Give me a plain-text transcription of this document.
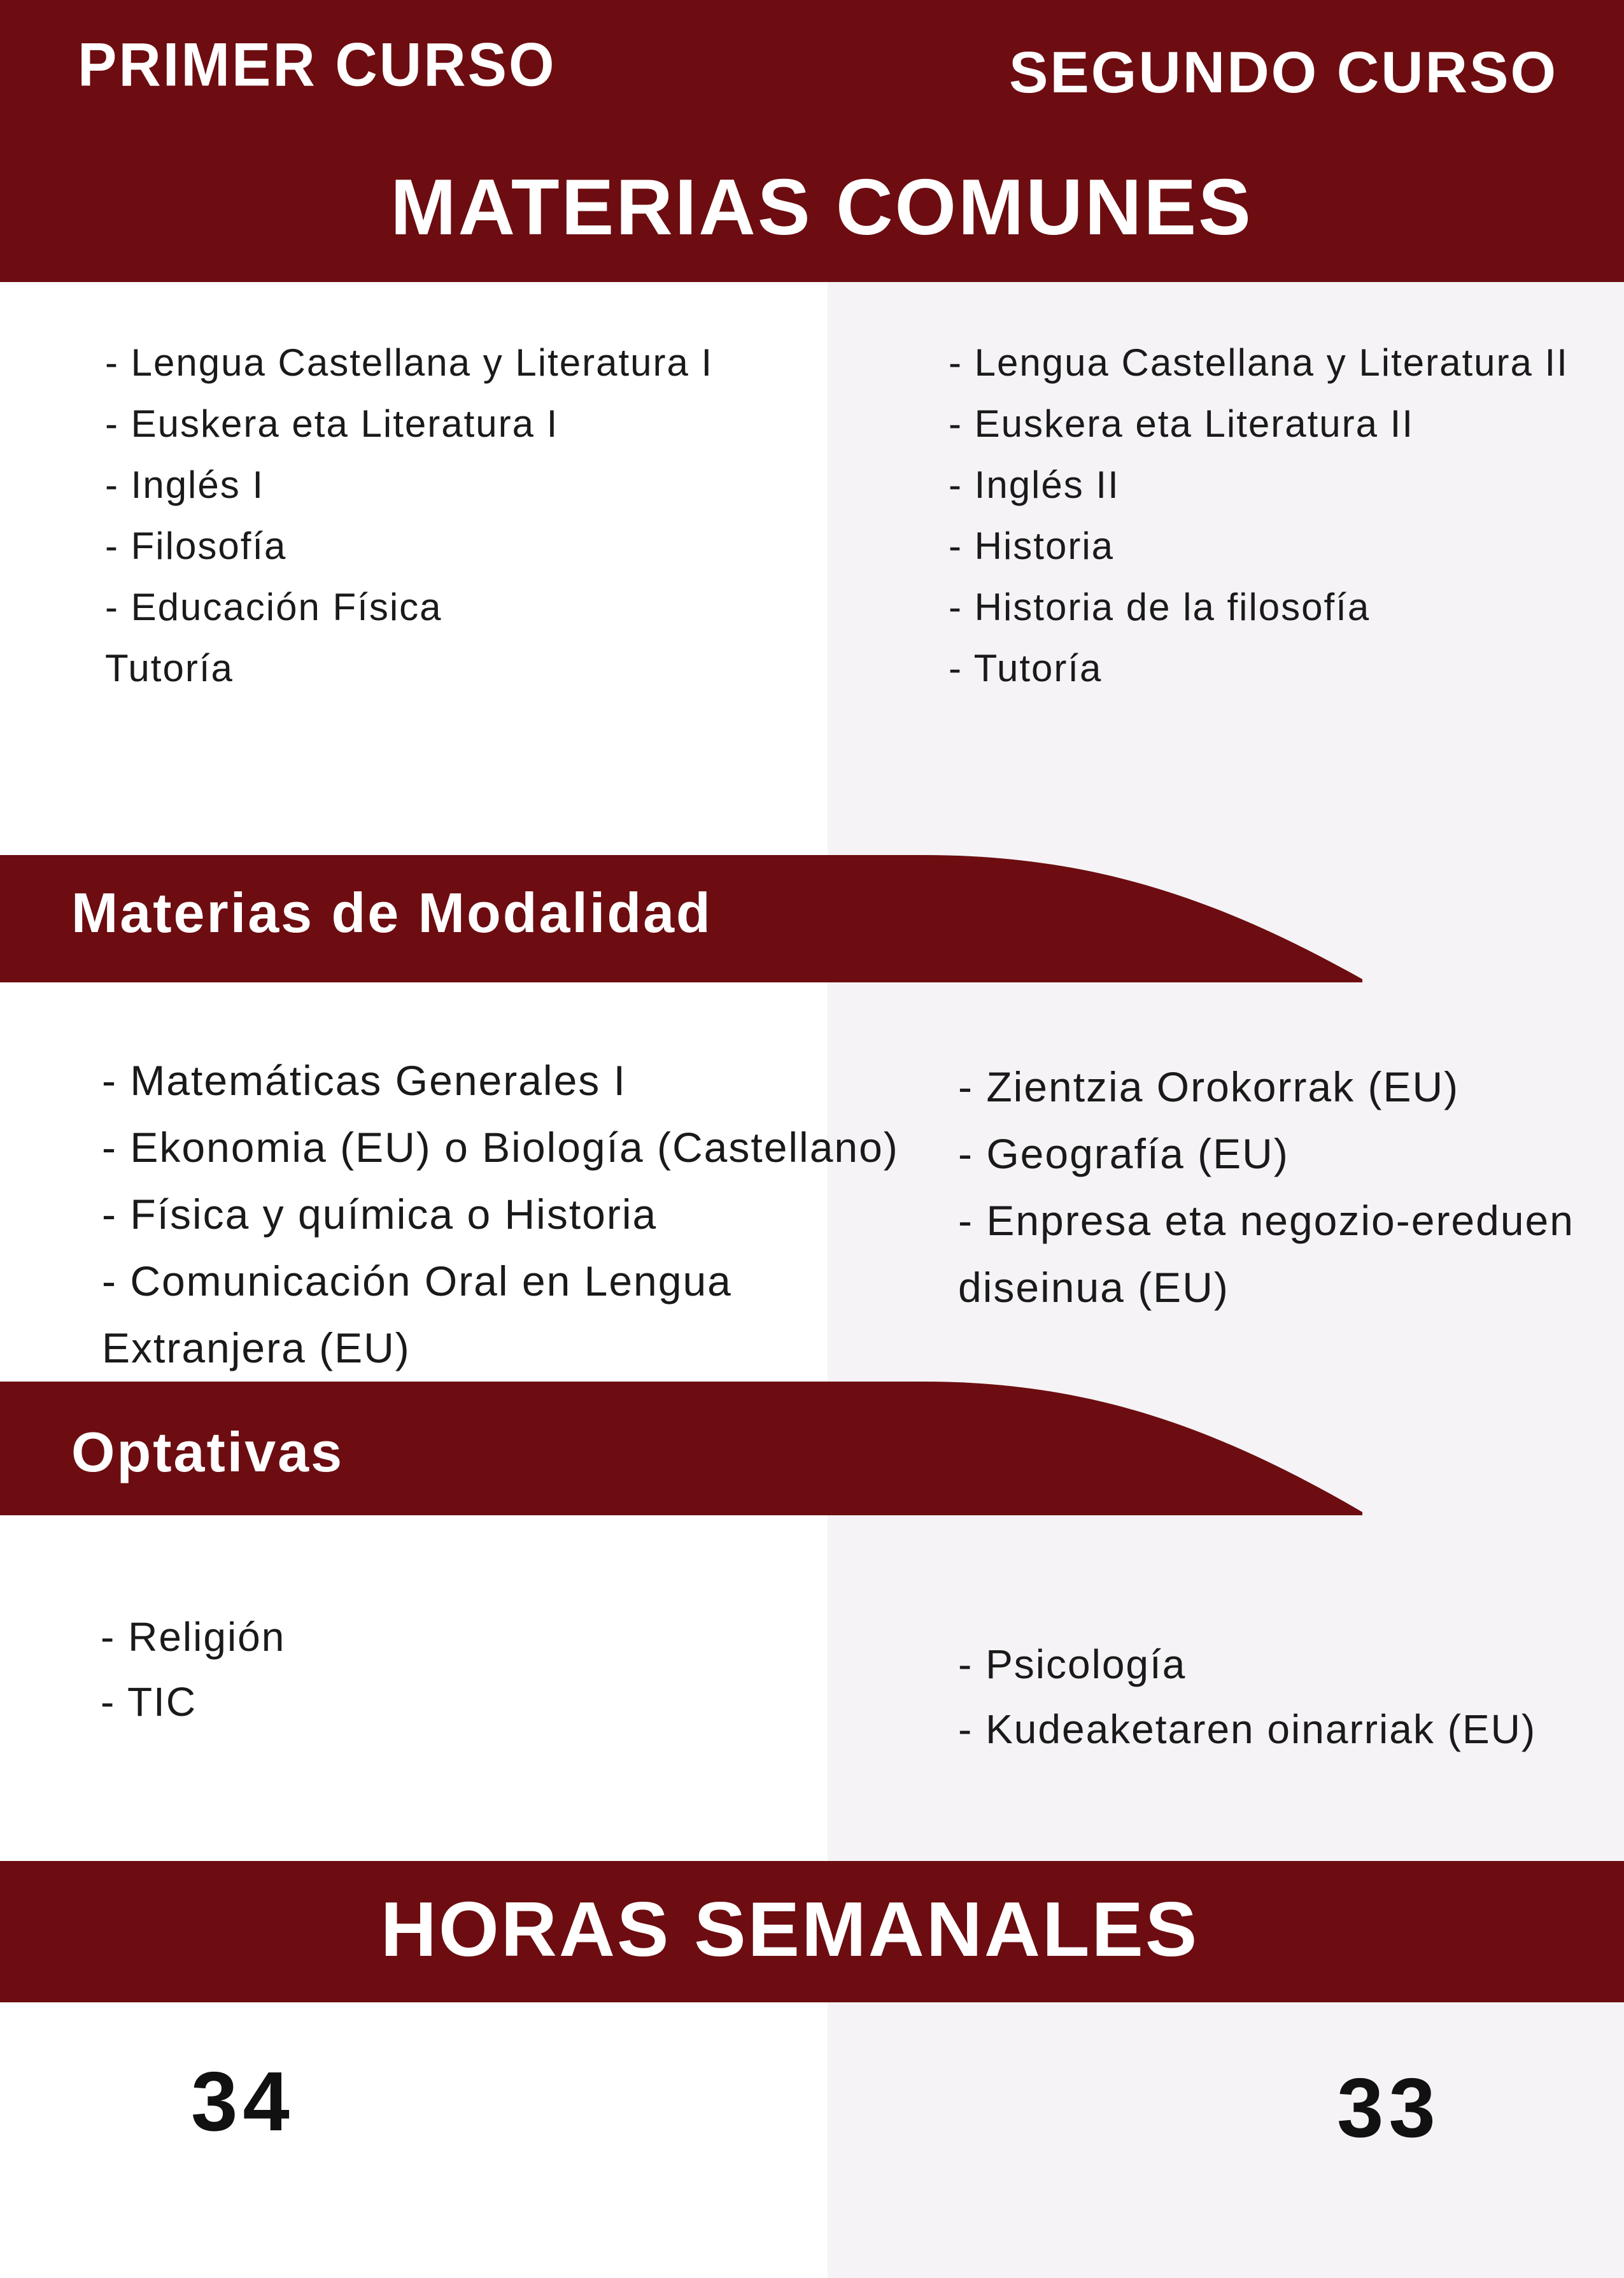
PRIMER CURSO	SEGUNDO CURSO
MATERIAS COMUNES
- Lengua Castellana y Literatura I
- Euskera eta Literatura I
- Inglés I
- Filosofía
- Educación Física
Tutoría
- Lengua Castellana y Literatura II
- Euskera eta Literatura II
- Inglés II
- Historia
- Historia de la filosofía
- Tutoría
Materias de Modalidad
- Matemáticas Generales I
- Ekonomia (EU) o Biología (Castellano)
- Física y química o Historia
- Comunicación Oral en Lengua
Extranjera (EU)
- Zientzia Orokorrak (EU)
- Geografía (EU)
- Enpresa eta negozio-ereduen
diseinua (EU)
Optativas
- Religión
- TIC
- Psicología
- Kudeaketaren oinarriak (EU)
HORAS SEMANALES
34	33
